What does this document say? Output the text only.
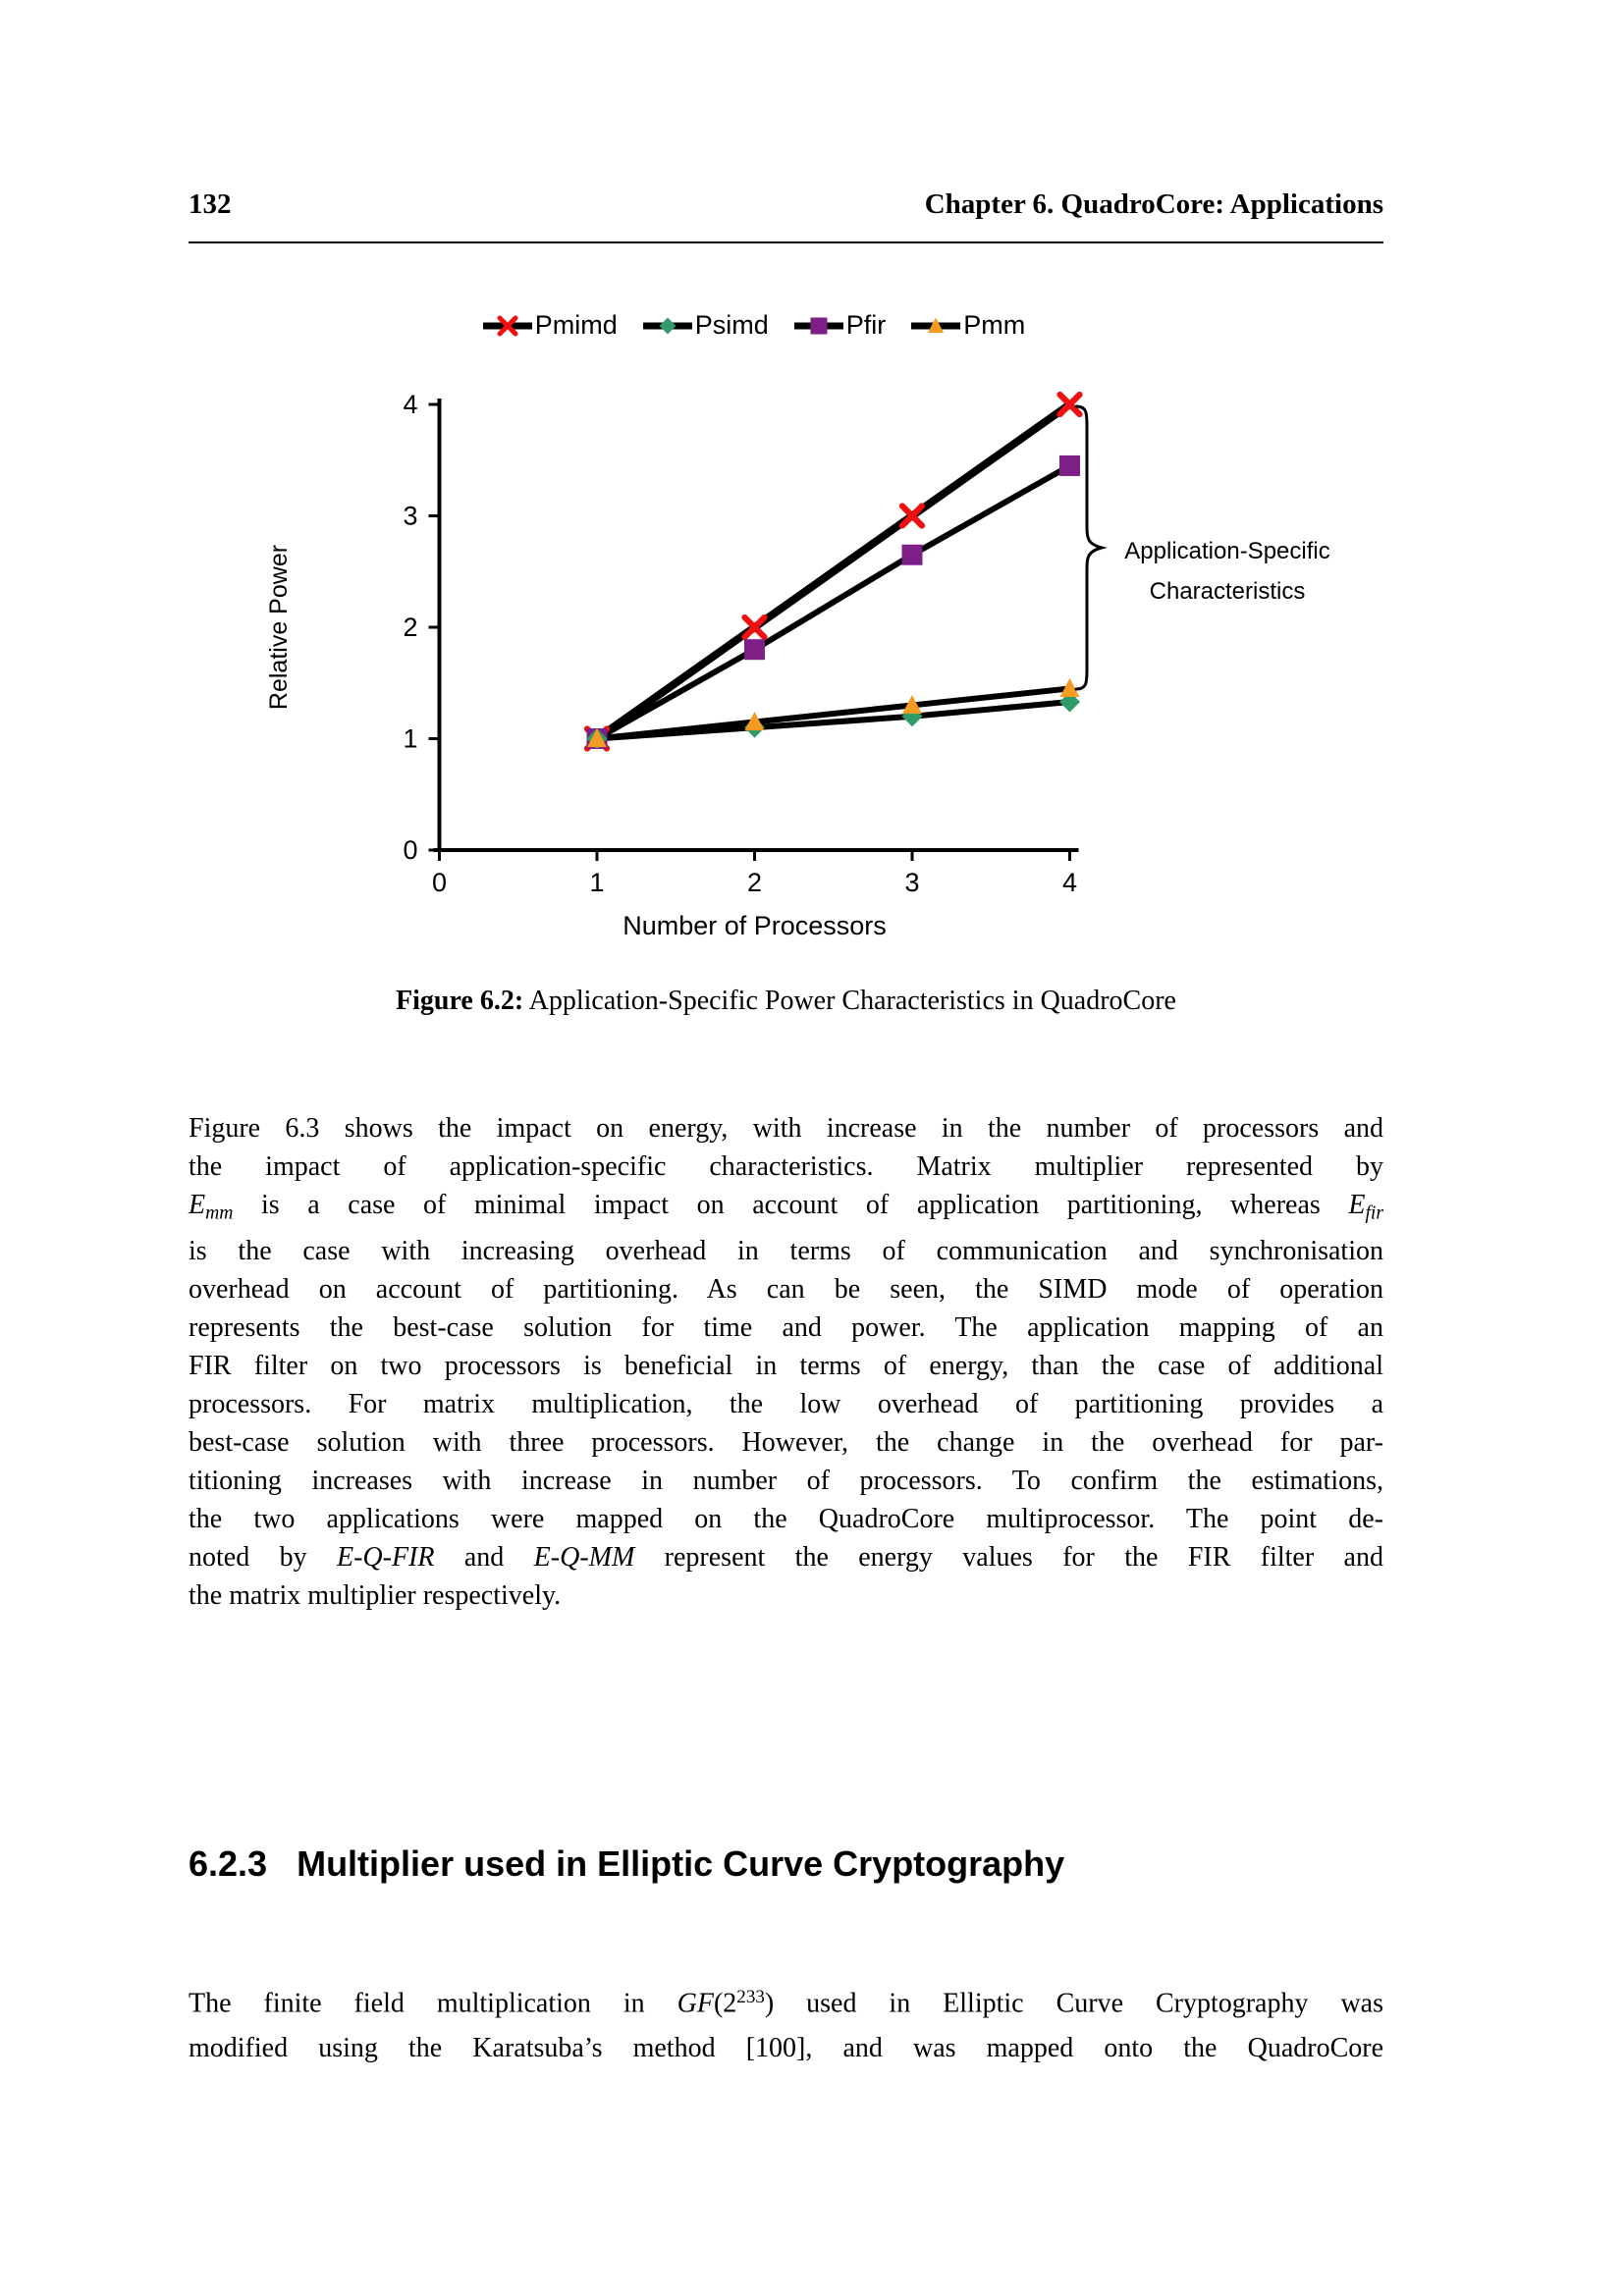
132	Chapter 6. QuadroCore: Applications
0
1
2
3
4
0	1	2	3	4
Number of Processors
Relative Power
Pmimd	Psimd	Pfir	Pmm
Application-Specific
Characteristics
Figure 6.2: Application-Specific Power Characteristics in QuadroCore
Figure 6.3 shows the impact on energy, with increase in the number of processors and
the impact of application-specific characteristics. Matrix multiplier represented by
Emm is a case of minimal impact on account of application partitioning, whereas Efir
is the case with increasing overhead in terms of communication and synchronisation
overhead on account of partitioning. As can be seen, the SIMD mode of operation
represents the best-case solution for time and power. The application mapping of an
FIR filter on two processors is beneficial in terms of energy, than the case of additional
processors. For matrix multiplication, the low overhead of partitioning provides a
best-case solution with three processors. However, the change in the overhead for par-
titioning increases with increase in number of processors. To confirm the estimations,
the two applications were mapped on the QuadroCore multiprocessor. The point de-
noted by E-Q-FIR and E-Q-MM represent the energy values for the FIR filter and
the matrix multiplier respectively.
6.2.3 Multiplier used in Elliptic Curve Cryptography
The finite field multiplication in $GF(2^{233})$ used in Elliptic Curve Cryptography was
modified using the Karatsuba’s method [100], and was mapped onto the QuadroCore
